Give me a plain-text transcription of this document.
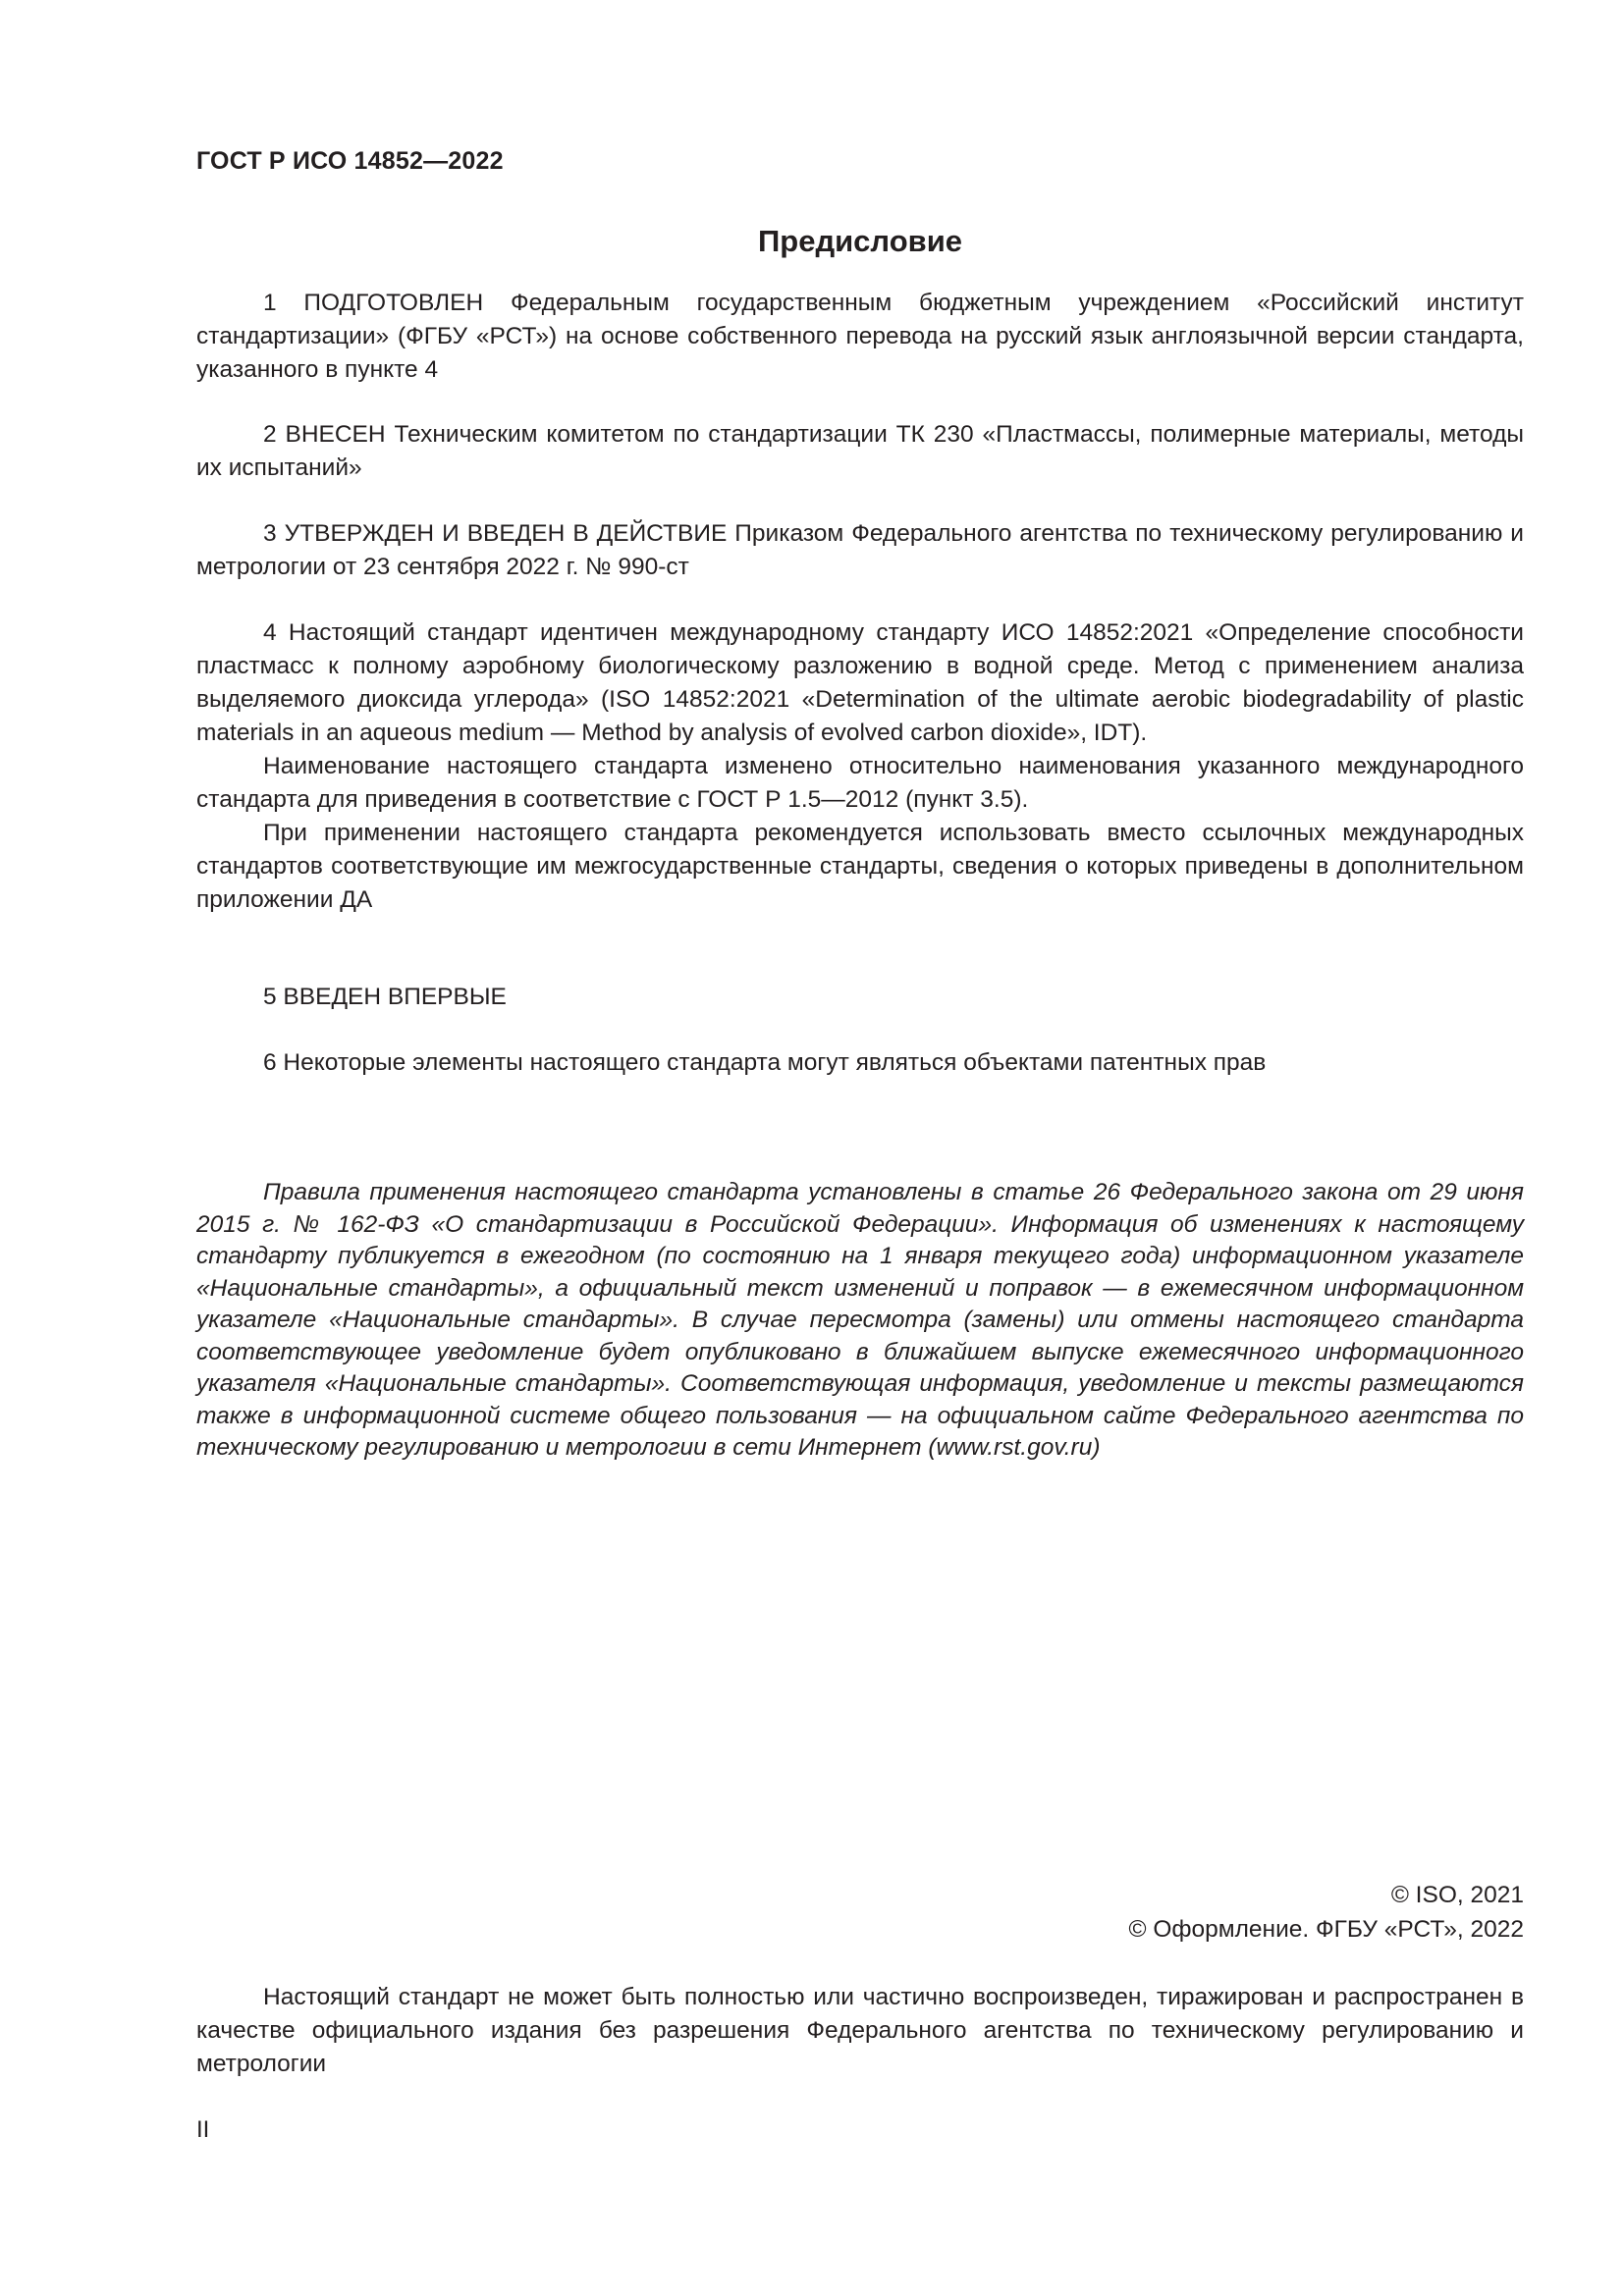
ГОСТ Р ИСО 14852—2022
Предисловие

1 ПОДГОТОВЛЕН Федеральным государственным бюджетным учреждением «Российский институт стандартизации» (ФГБУ «РСТ») на основе собственного перевода на русский язык англоязычной версии стандарта, указанного в пункте 4

2 ВНЕСЕН Техническим комитетом по стандартизации ТК 230 «Пластмассы, полимерные материалы, методы их испытаний»

3 УТВЕРЖДЕН И ВВЕДЕН В ДЕЙСТВИЕ Приказом Федерального агентства по техническому регулированию и метрологии от 23 сентября 2022 г. № 990-ст

4 Настоящий стандарт идентичен международному стандарту ИСО 14852:2021 «Определение способности пластмасс к полному аэробному биологическому разложению в водной среде. Метод с применением анализа выделяемого диоксида углерода» (ISO 14852:2021 «Determination of the ultimate aerobic biodegradability of plastic materials in an aqueous medium — Method by analysis of evolved carbon dioxide», IDT).

Наименование настоящего стандарта изменено относительно наименования указанного международного стандарта для приведения в соответствие с ГОСТ Р 1.5—2012 (пункт 3.5).

При применении настоящего стандарта рекомендуется использовать вместо ссылочных международных стандартов соответствующие им межгосударственные стандарты, сведения о которых приведены в дополнительном приложении ДА

5 ВВЕДЕН ВПЕРВЫЕ

6 Некоторые элементы настоящего стандарта могут являться объектами патентных прав

Правила применения настоящего стандарта установлены в статье 26 Федерального закона от 29 июня 2015 г. № 162-ФЗ «О стандартизации в Российской Федерации». Информация об изменениях к настоящему стандарту публикуется в ежегодном (по состоянию на 1 января текущего года) информационном указателе «Национальные стандарты», а официальный текст изменений и поправок — в ежемесячном информационном указателе «Национальные стандарты». В случае пересмотра (замены) или отмены настоящего стандарта соответствующее уведомление будет опубликовано в ближайшем выпуске ежемесячного информационного указателя «Национальные стандарты». Соответствующая информация, уведомление и тексты размещаются также в информационной системе общего пользования — на официальном сайте Федерального агентства по техническому регулированию и метрологии в сети Интернет (www.rst.gov.ru)

© ISO, 2021
© Оформление. ФГБУ «РСТ», 2022

Настоящий стандарт не может быть полностью или частично воспроизведен, тиражирован и распространен в качестве официального издания без разрешения Федерального агентства по техническому регулированию и метрологии

II
